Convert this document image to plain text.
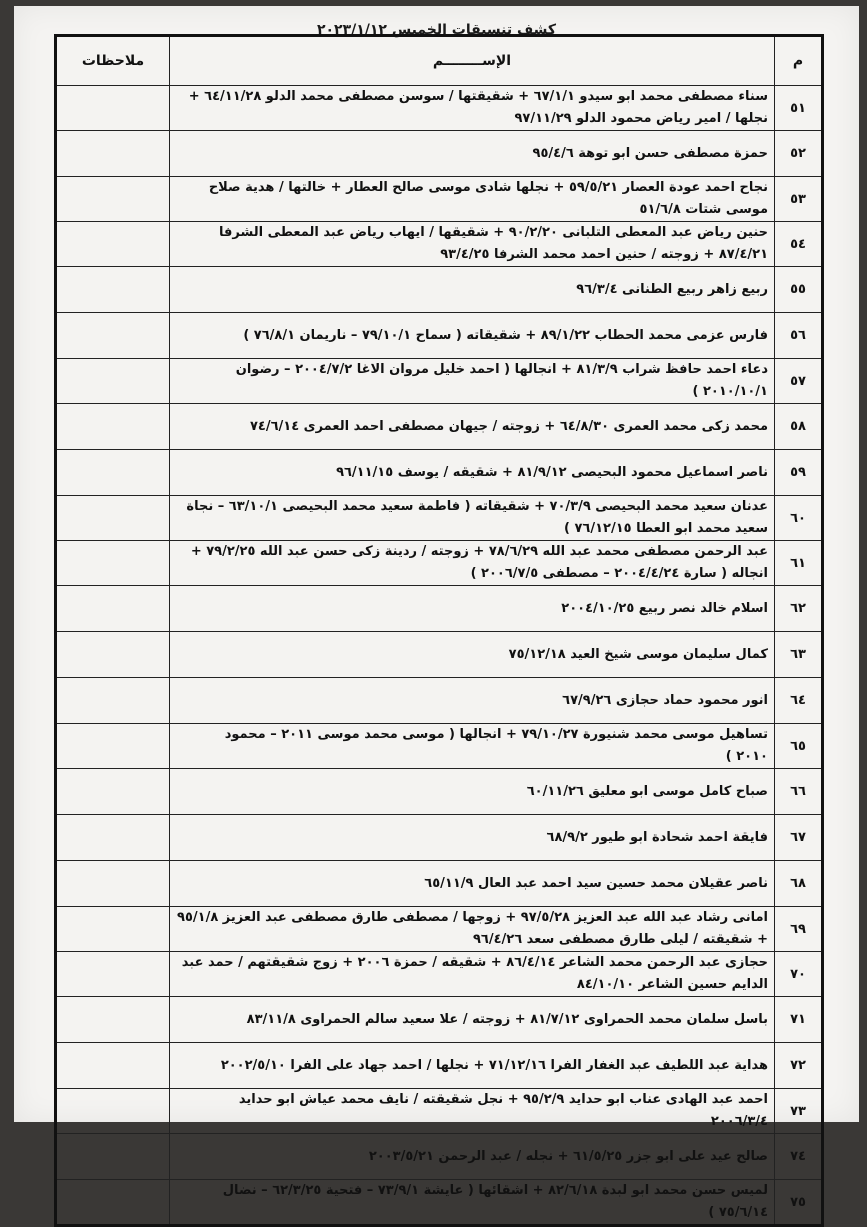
كشف تنسيقات الخميس ٢٠٢٣/١/١٢
م	الإســــــــم	ملاحظات
٥١	سناء مصطفى محمد ابو سيدو ٦٧/١/١ + شقيقتها / سوسن مصطفى محمد الدلو ٦٤/١١/٢٨ +
نجلها / امير رياض محمود الدلو ٩٧/١١/٢٩	

٥٢	حمزة مصطفى حسن ابو توهة ٩٥/٤/٦	

٥٣	نجاح احمد عودة العصار ٥٩/٥/٢١ + نجلها شادى موسى صالح العطار + خالتها / هدية صلاح
موسى شتات ٥١/٦/٨	

٥٤	حنين رياض عبد المعطى التلبانى ٩٠/٢/٢٠ + شقيقها / ايهاب رياض عبد المعطى الشرفا
٨٧/٤/٢١ + زوجته / حنين احمد محمد الشرفا ٩٣/٤/٢٥	

٥٥	ربيع زاهر ربيع الطنانى ٩٦/٣/٤	

٥٦	فارس عزمى محمد الحطاب ٨٩/١/٢٢ + شقيقاته ( سماح ٧٩/١٠/١ – ناريمان ٧٦/٨/١ )	

٥٧	دعاء احمد حافظ شراب ٨١/٣/٩ + انجالها ( احمد خليل مروان الاغا ٢٠٠٤/٧/٢ – رضوان
٢٠١٠/١٠/١ )	

٥٨	محمد زكى محمد العمرى ٦٤/٨/٣٠ + زوجته / جيهان مصطفى احمد العمرى ٧٤/٦/١٤	

٥٩	ناصر اسماعيل محمود البحيصى ٨١/٩/١٢ + شقيقه / يوسف ٩٦/١١/١٥	

٦٠	عدنان سعيد محمد البحيصى ٧٠/٣/٩ + شقيقاته ( فاطمة سعيد محمد البحيصى ٦٣/١٠/١ – نجاة
سعيد محمد ابو العطا ٧٦/١٢/١٥ )	

٦١	عبد الرحمن مصطفى محمد عبد الله ٧٨/٦/٢٩ + زوجته / ردينة زكى حسن عبد الله ٧٩/٢/٢٥ +
انجاله ( سارة ٢٠٠٤/٤/٢٤ – مصطفى ٢٠٠٦/٧/٥ )	

٦٢	اسلام خالد نصر ربيع ٢٠٠٤/١٠/٢٥	

٦٣	كمال سليمان موسى شيخ العيد ٧٥/١٢/١٨	

٦٤	انور محمود حماد حجازى ٦٧/٩/٢٦	

٦٥	تساهيل موسى محمد شنيورة ٧٩/١٠/٢٧ + انجالها ( موسى محمد موسى ٢٠١١ – محمود
٢٠١٠ )	

٦٦	صباح كامل موسى ابو معليق ٦٠/١١/٢٦	

٦٧	فايقة احمد شحادة ابو طيور ٦٨/٩/٢	

٦٨	ناصر عقيلان محمد حسين سيد احمد عبد العال ٦٥/١١/٩	

٦٩	امانى رشاد عبد الله عبد العزيز ٩٧/٥/٢٨ + زوجها / مصطفى طارق مصطفى عبد العزيز ٩٥/١/٨
+ شقيقته / ليلى طارق مصطفى سعد ٩٦/٤/٢٦	

٧٠	حجازى عبد الرحمن محمد الشاعر ٨٦/٤/١٤ + شقيقه / حمزة ٢٠٠٦ + زوج شقيقتهم / حمد عبد
الدايم حسين الشاعر ٨٤/١٠/١٠	

٧١	باسل سلمان محمد الحمراوى ٨١/٧/١٢ + زوجته / علا سعيد سالم الحمراوى ٨٣/١١/٨	

٧٢	هداية عبد اللطيف عبد الغفار الفرا ٧١/١٢/١٦ + نجلها / احمد جهاد على الفرا ٢٠٠٢/٥/١٠	

٧٣	احمد عبد الهادى عناب ابو حدايد ٩٥/٢/٩ + نجل شقيقته / نايف محمد عياش ابو حدايد
٢٠٠٦/٣/٤	

٧٤	صالح عيد على ابو جزر ٦١/٥/٢٥ + نجله / عبد الرحمن ٢٠٠٣/٥/٢١	

٧٥	لميس حسن محمد ابو لبدة ٨٢/٦/١٨ + اشقائها ( عايشة ٧٣/٩/١ – فتحية ٦٢/٣/٢٥ – نضال
٧٥/٦/١٤ )	
